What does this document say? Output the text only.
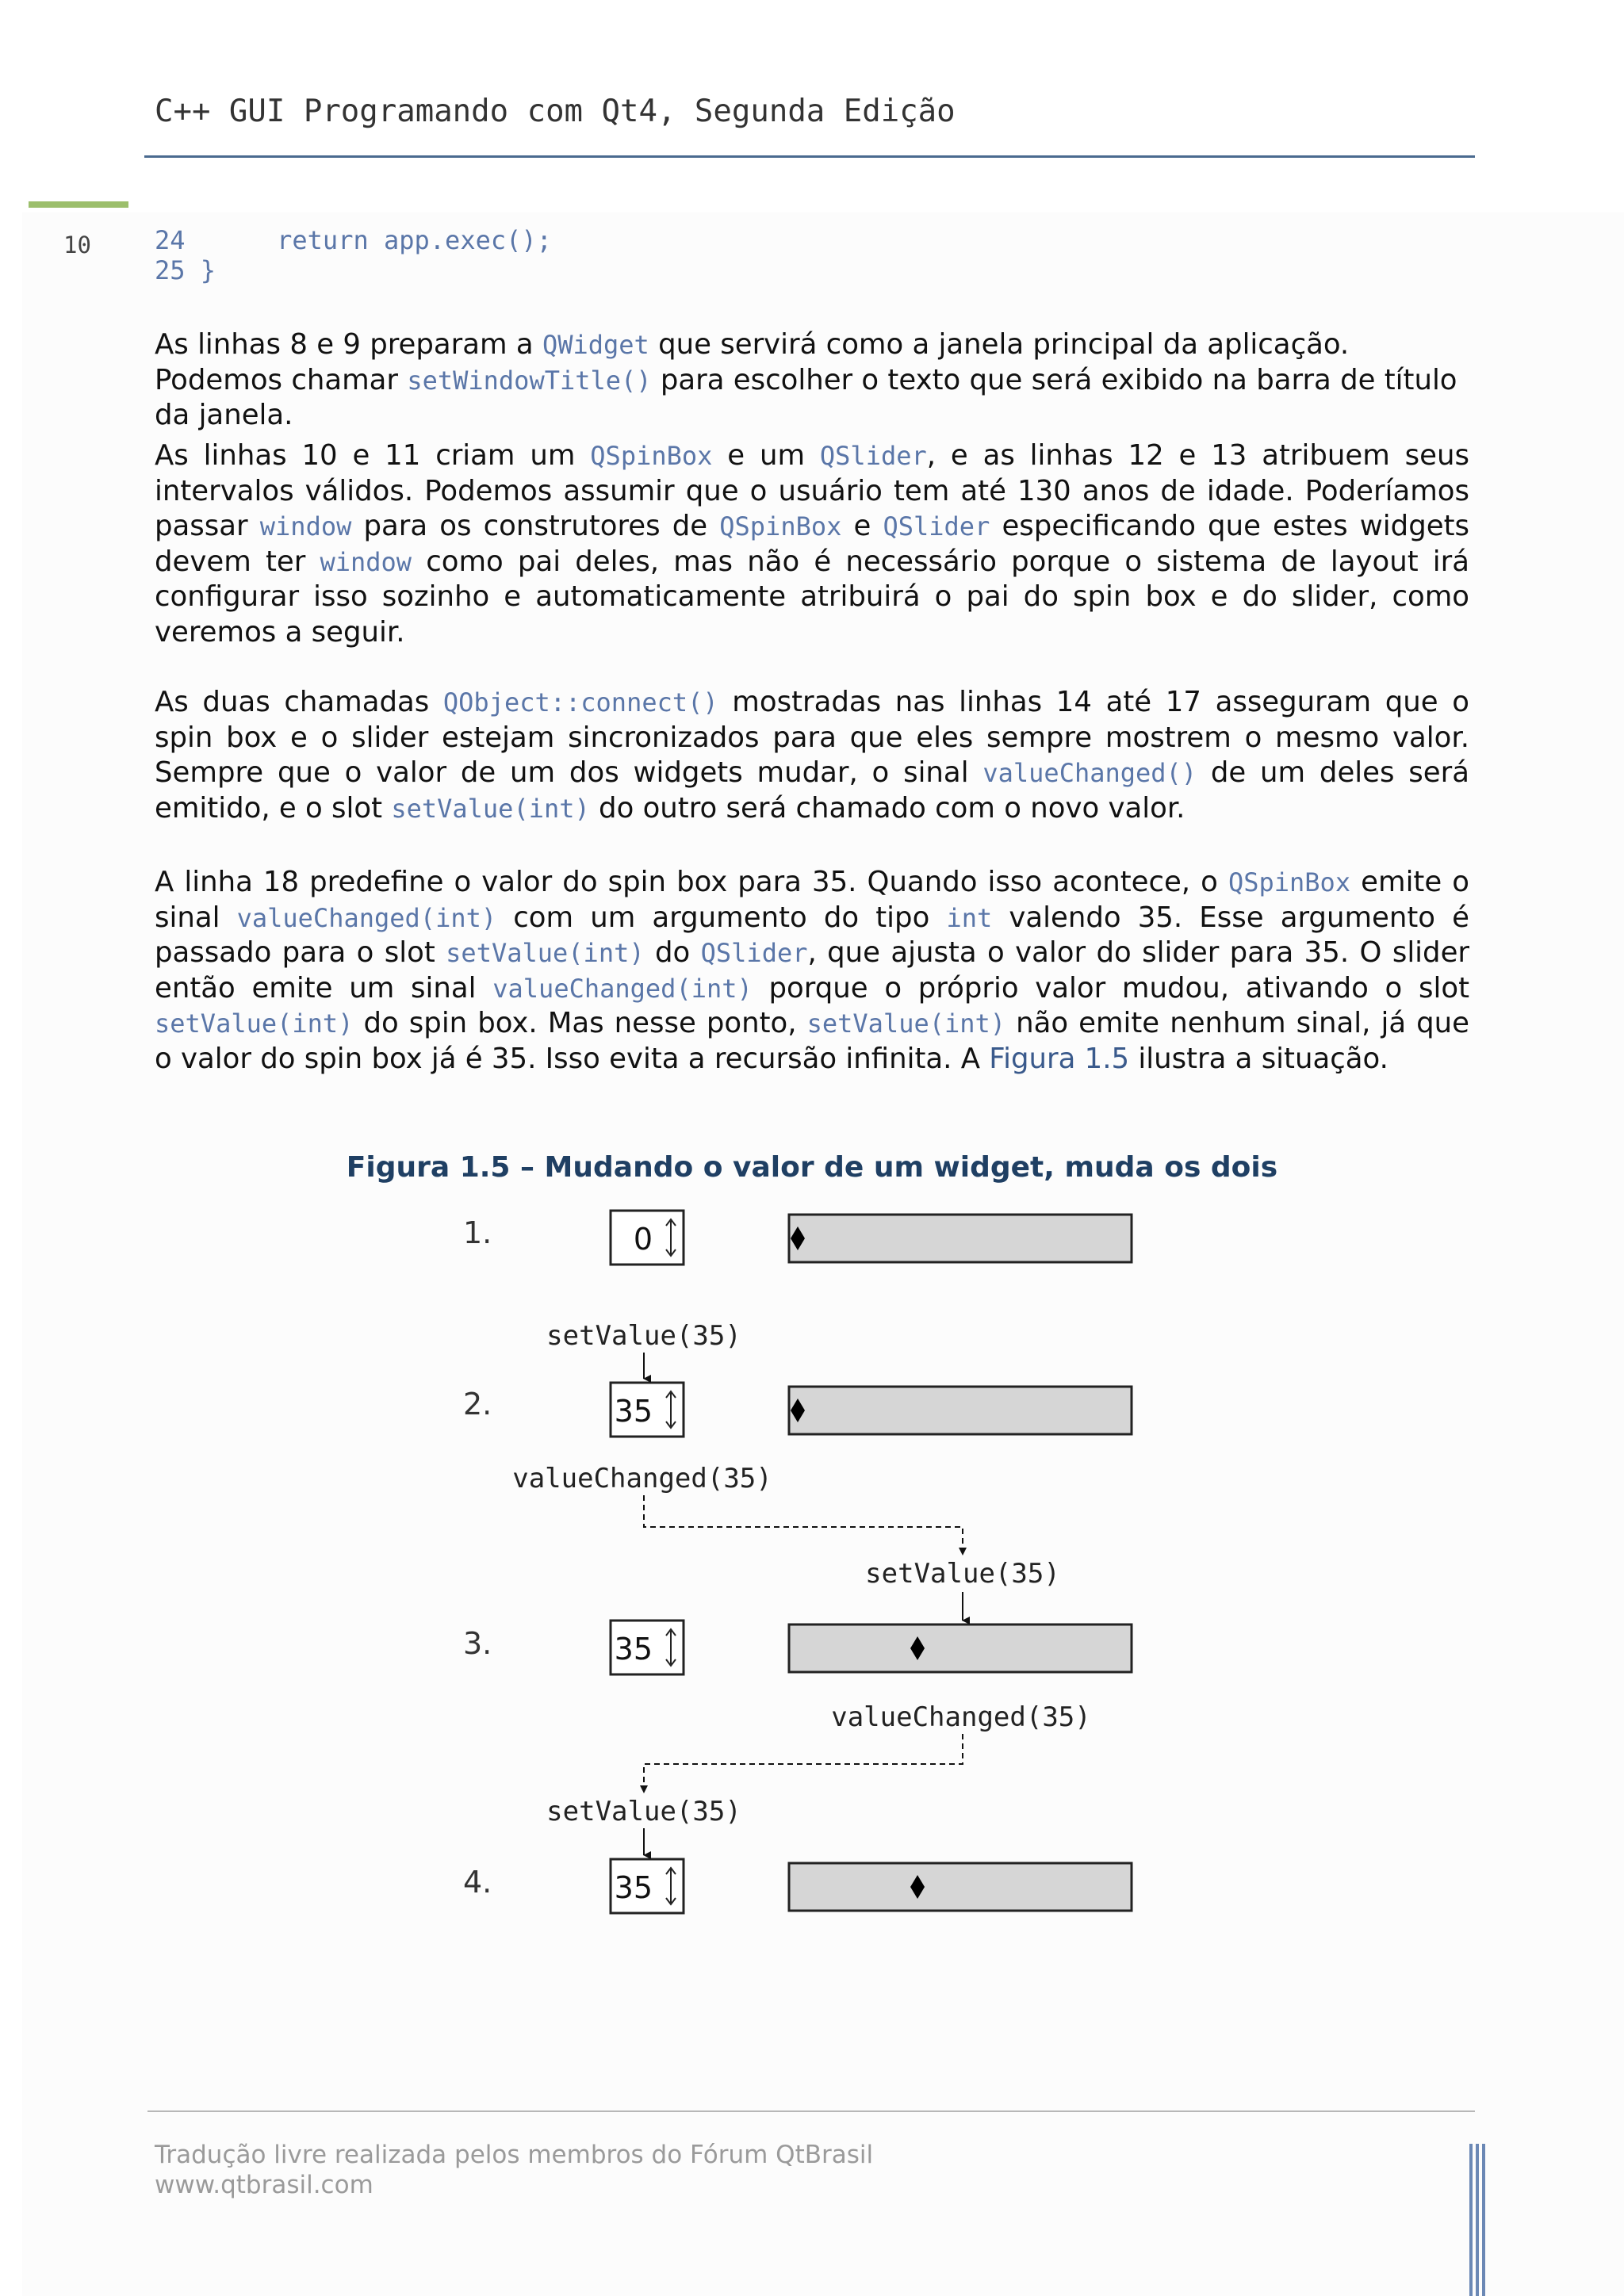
C++ GUI Programando com Qt4, Segunda Edição
10	24      return app.exec();
25 }
As linhas 8 e 9 preparam a QWidget que servirá como a janela principal da aplicação. Podemos chamar setWindowTitle() para escolher o texto que será exibido na barra de título da janela.
As linhas 10 e 11 criam um QSpinBox e um QSlider, e as linhas 12 e 13 atribuem seus intervalos válidos. Podemos assumir que o usuário tem até 130 anos de idade. Poderíamos passar window para os construtores de QSpinBox e QSlider especificando que estes widgets devem ter window como pai deles, mas não é necessário porque o sistema de layout irá configurar isso sozinho e automaticamente atribuirá o pai do spin box e do slider, como veremos a seguir.
As duas chamadas QObject::connect() mostradas nas linhas 14 até 17 asseguram que o spin box e o slider estejam sincronizados para que eles sempre mostrem o mesmo valor. Sempre que o valor de um dos widgets mudar, o sinal valueChanged() de um deles será emitido, e o slot setValue(int) do outro será chamado com o novo valor.
A linha 18 predefine o valor do spin box para 35. Quando isso acontece, o QSpinBox emite o sinal valueChanged(int) com um argumento do tipo int valendo 35. Esse argumento é passado para o slot setValue(int) do QSlider, que ajusta o valor do slider para 35. O slider então emite um sinal valueChanged(int) porque o próprio valor mudou, ativando o slot setValue(int) do spin box. Mas nesse ponto, setValue(int) não emite nenhum sinal, já que o valor do spin box já é 35. Isso evita a recursão infinita. A Figura 1.5 ilustra a situação.
Figura 1.5 – Mudando o valor de um widget, muda os dois
1.
2.
3.
4.
0
35
35
35
setValue(35)
valueChanged(35)
setValue(35)
valueChanged(35)
setValue(35)
Tradução livre realizada pelos membros do Fórum QtBrasil
www.qtbrasil.com
